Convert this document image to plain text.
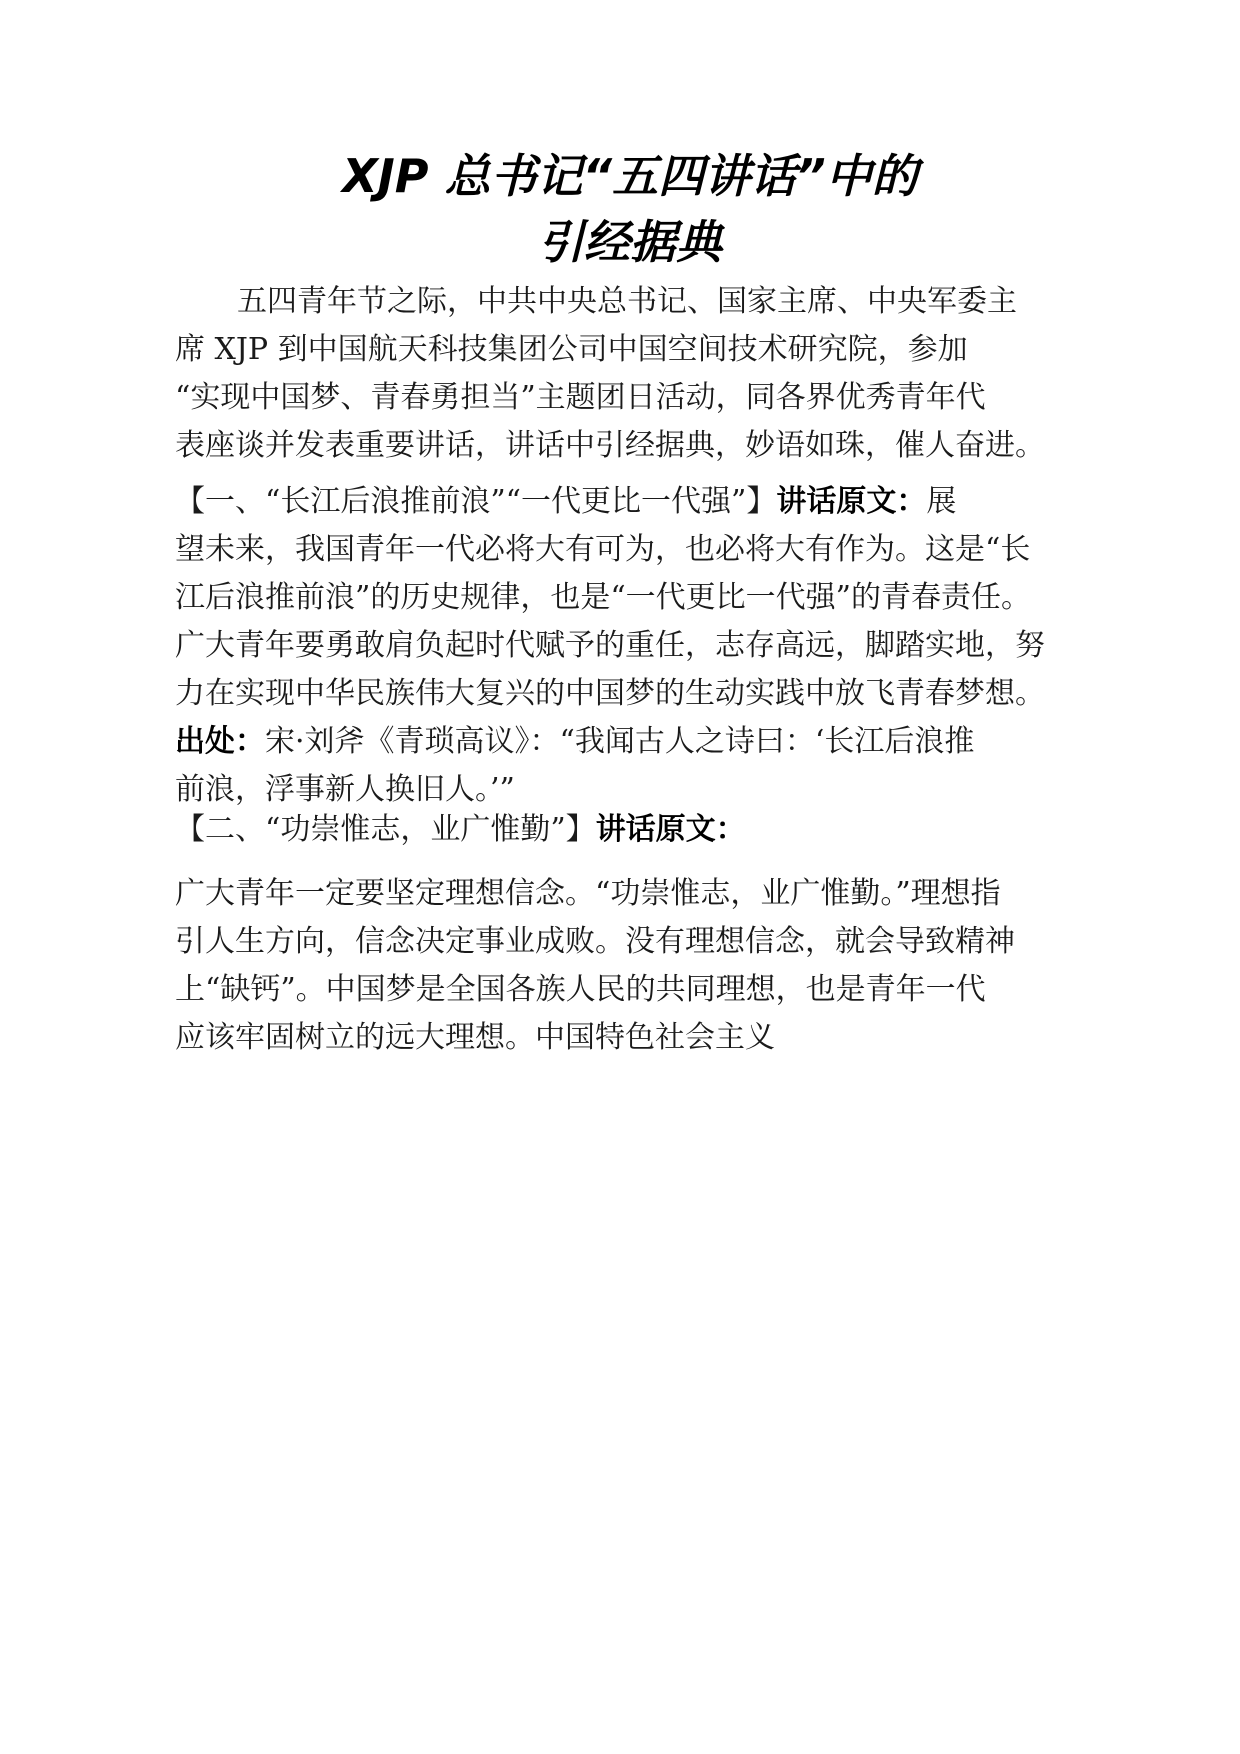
XJP 总书记“五四讲话”中的
引经据典

五四青年节之际，中共中央总书记、国家主席、中央军委主
席 XJP 到中国航天科技集团公司中国空间技术研究院，参加
“实现中国梦、青春勇担当”主题团日活动，同各界优秀青年代
表座谈并发表重要讲话，讲话中引经据典，妙语如珠，催人奋进。

【一、“长江后浪推前浪”“一代更比一代强”】讲话原文：展
望未来，我国青年一代必将大有可为，也必将大有作为。这是“长
江后浪推前浪”的历史规律，也是“一代更比一代强”的青春责任。
广大青年要勇敢肩负起时代赋予的重任，志存高远，脚踏实地，努
力在实现中华民族伟大复兴的中国梦的生动实践中放飞青春梦想。

出处：宋·刘斧《青琐高议》：“我闻古人之诗曰：‘长江后浪推
前浪，浮事新人换旧人。’”

【二、“功崇惟志，业广惟勤”】讲话原文：

广大青年一定要坚定理想信念。“功崇惟志，业广惟勤。”理想指
引人生方向，信念决定事业成败。没有理想信念，就会导致精神
上“缺钙”。中国梦是全国各族人民的共同理想，也是青年一代
应该牢固树立的远大理想。中国特色社会主义
